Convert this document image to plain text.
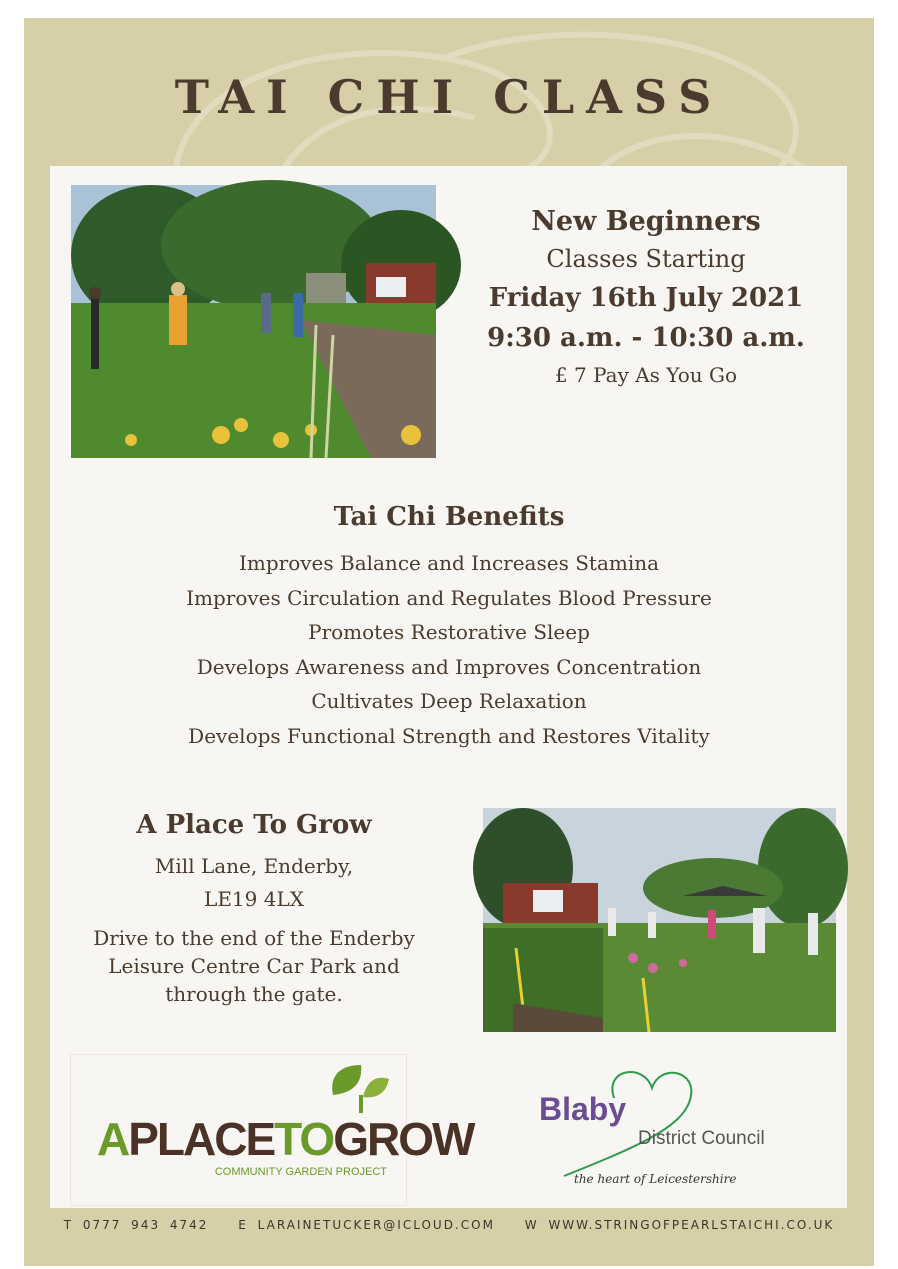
TAI CHI CLASS
New Beginners
Classes Starting
Friday 16th July 2021
9:30 a.m. - 10:30 a.m.
£ 7 Pay As You Go
Tai Chi Benefits
Improves Balance and Increases Stamina
Improves Circulation and Regulates Blood Pressure
Promotes Restorative Sleep
Develops Awareness and Improves Concentration
Cultivates Deep Relaxation
Develops Functional Strength and Restores Vitality
A Place To Grow
Mill Lane, Enderby,
LE19 4LX
Drive to the end of the Enderby Leisure Centre Car Park and through the gate.
APLACETOGROW
COMMUNITY GARDEN PROJECT
Blaby
District Council
the heart of Leicestershire
T 0777 943 4742 E LARAINETUCKER@ICLOUD.COM W WWW.STRINGOFPEARLSTAICHI.CO.UK
